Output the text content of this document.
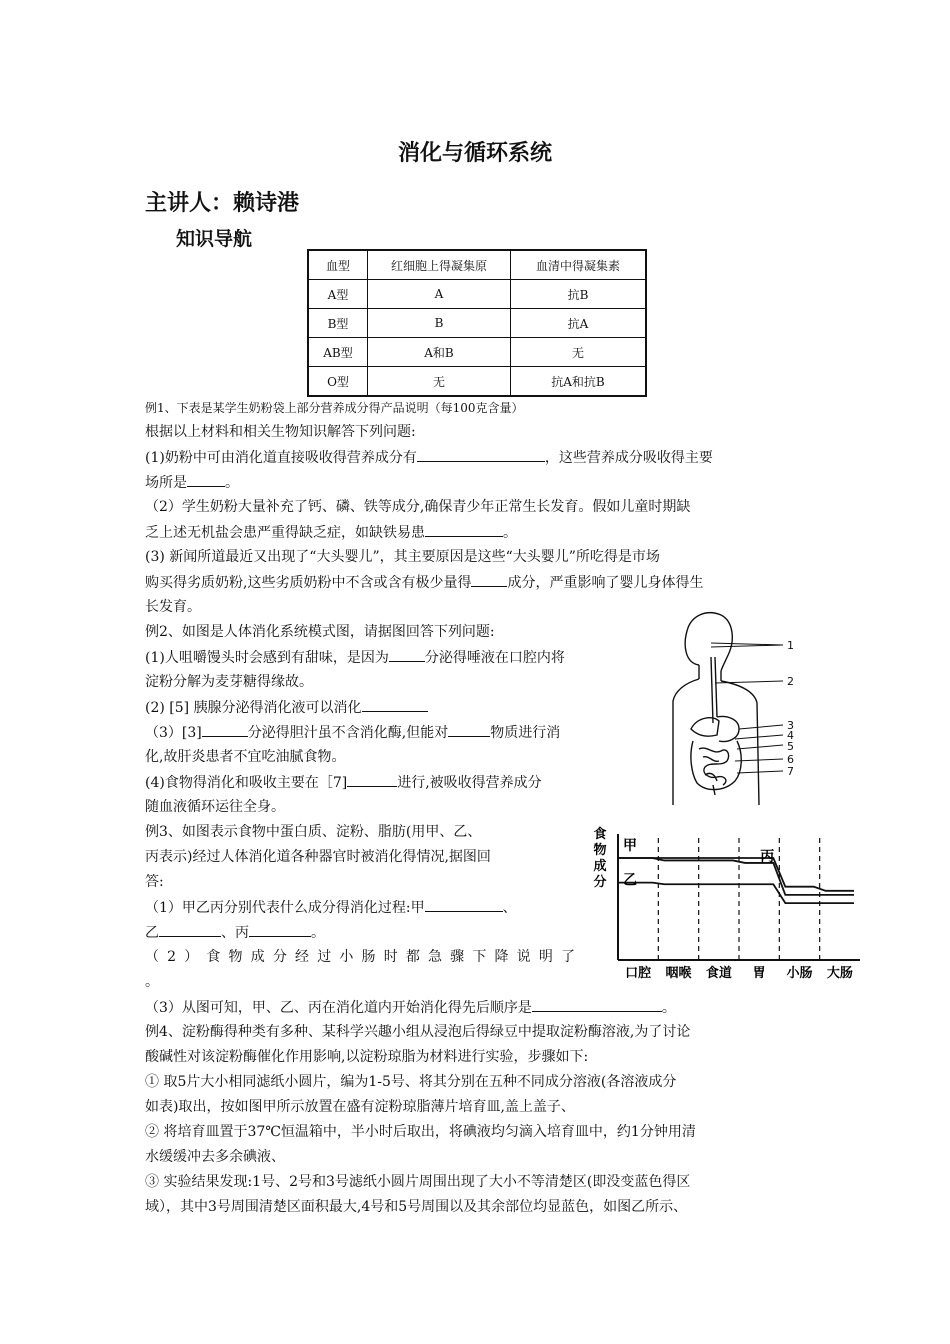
消化与循环系统
主讲人：赖诗港
知识导航
血型	红细胞上得凝集原	血清中得凝集素
A型	A	抗B
B型	B	抗A
AB型	A和B	无
O型	无	抗A和抗B
例1、下表是某学生奶粉袋上部分营养成分得产品说明（每100克含量）
根据以上材料和相关生物知识解答下列问题:
(1)奶粉中可由消化道直接吸收得营养成分有	，这些营养成分吸收得主要
场所是	。
（2）学生奶粉大量补充了钙、磷、铁等成分,确保青少年正常生长发育。假如儿童时期缺
乏上述无机盐会患严重得缺乏症，如缺铁易患	。
(3) 新闻所道最近又出现了“大头婴儿”，其主要原因是这些“大头婴儿”所吃得是市场
购买得劣质奶粉,这些劣质奶粉中不含或含有极少量得	成分，严重影响了婴儿身体得生
长发育。
例2、如图是人体消化系统模式图，请据图回答下列问题:
(1)人咀嚼馒头时会感到有甜味，是因为	分泌得唾液在口腔内将
淀粉分解为麦芽糖得缘故。
(2) [5] 胰腺分泌得消化液可以消化
（3）[3]	分泌得胆汁虽不含消化酶,但能对	物质进行消
化,故肝炎患者不宜吃油腻食物。
(4)食物得消化和吸收主要在［7]	进行,被吸收得营养成分
随血液循环运往全身。
例3、如图表示食物中蛋白质、淀粉、脂肪(用甲、乙、
丙表示)经过人体消化道各种器官时被消化得情况,据图回
答:
（1）甲乙丙分别代表什么成分得消化过程:甲	、
乙	、丙	。
（2）食物成分经过小肠时都急骤下降说明了
。
（3）从图可知，甲、乙、丙在消化道内开始消化得先后顺序是	。
例4、淀粉酶得种类有多种、某科学兴趣小组从浸泡后得绿豆中提取淀粉酶溶液,为了讨论
酸碱性对该淀粉酶催化作用影响,以淀粉琼脂为材料进行实验，步骤如下:
① 取5片大小相同滤纸小圆片，编为1-5号、将其分别在五种不同成分溶液(各溶液成分
如表)取出，按如图甲所示放置在盛有淀粉琼脂薄片培育皿,盖上盖子、
② 将培育皿置于37℃恒温箱中，半小时后取出，将碘液均匀滴入培育皿中，约1分钟用清
水缓缓冲去多余碘液、
③ 实验结果发现:1号、2号和3号滤纸小圆片周围出现了大小不等清楚区(即没变蓝色得区
域），其中3号周围清楚区面积最大,4号和5号周围以及其余部位均显蓝色，如图乙所示、
1
2
3
4
5
6
7
食
物
成
分
口腔 咽喉 食道 胃 小肠 大肠
甲
乙
丙
